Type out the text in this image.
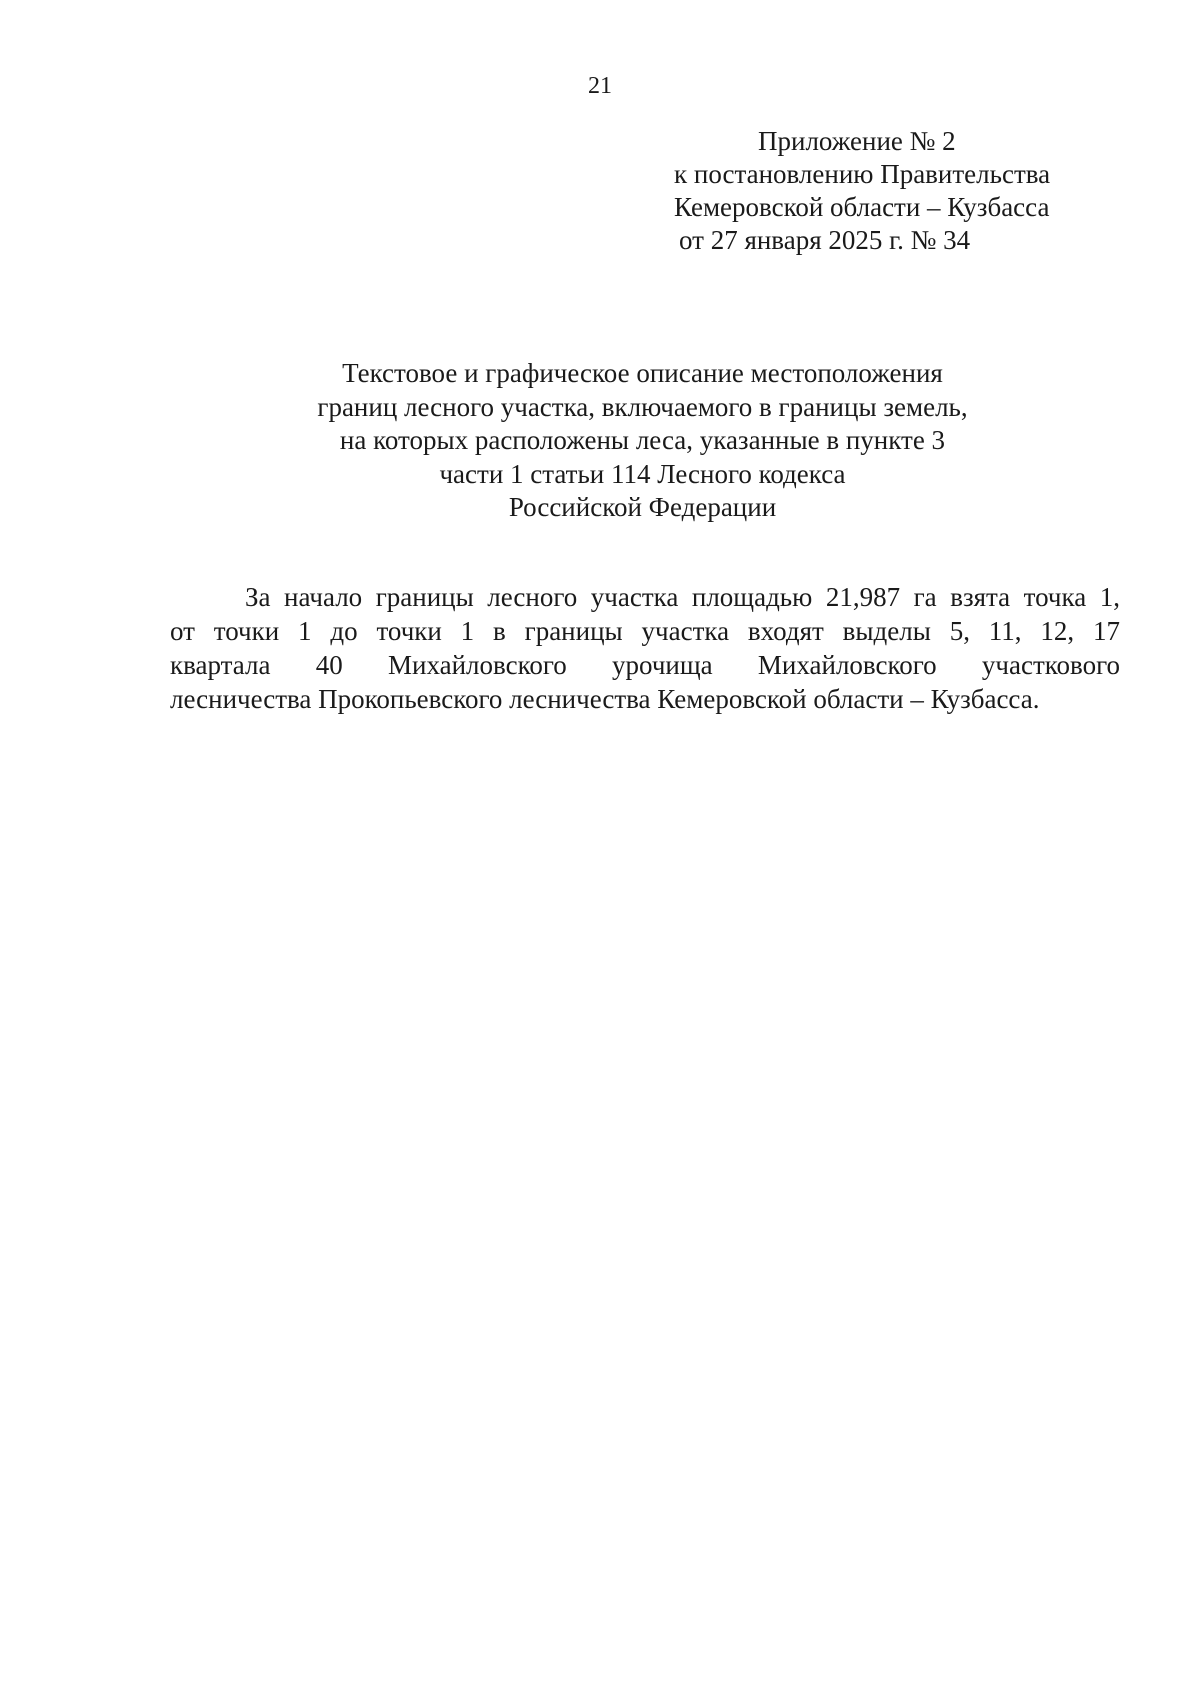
21
Приложение № 2
к постановлению Правительства
Кемеровской области – Кузбасса
от 27 января 2025 г. № 34
Текстовое и графическое описание местоположения
границ лесного участка, включаемого в границы земель,
на которых расположены леса, указанные в пункте 3
части 1 статьи 114 Лесного кодекса
Российской Федерации
За начало границы лесного участка площадью 21,987 га взята точка 1,
от точки 1 до точки 1 в границы участка входят выделы 5, 11, 12, 17
квартала 40 Михайловского урочища Михайловского участкового
лесничества Прокопьевского лесничества Кемеровской области – Кузбасса.
